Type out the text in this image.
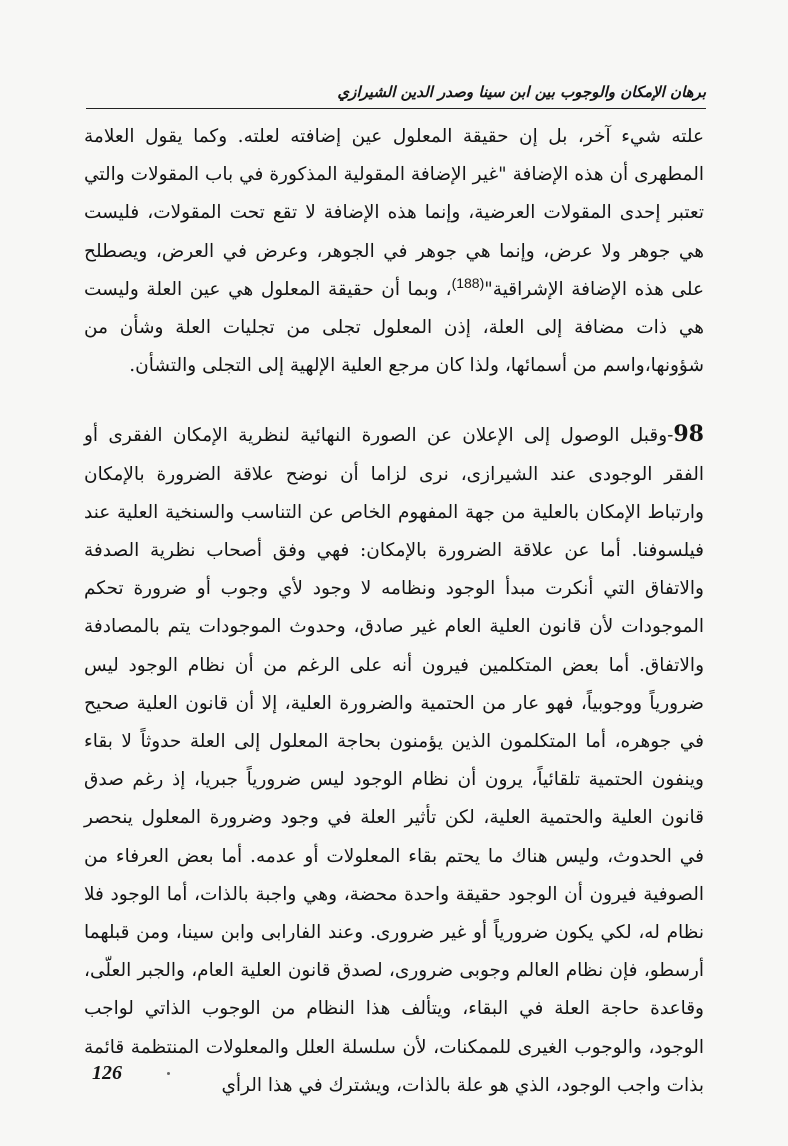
برهان الإمكان والوجوب بين ابن سينا وصدر الدين الشيرازي

علته شيء آخر، بل إن حقيقة المعلول عين إضافته لعلته. وكما يقول العلامة المطهرى أن هذه الإضافة "غير الإضافة المقولية المذكورة في باب المقولات والتي تعتبر إحدى المقولات العرضية، وإنما هذه الإضافة لا تقع تحت المقولات، فليست هي جوهر ولا عرض، وإنما هي جوهر في الجوهر، وعرض في العرض، ويصطلح على هذه الإضافة الإشراقية"$^{(188)}$، وبما أن حقيقة المعلول هي عين العلة وليست هي ذات مضافة إلى العلة، إذن المعلول تجلى من تجليات العلة وشأن من شؤونها،واسم من أسمائها، ولذا كان مرجع العلية الإلهية إلى التجلى والتشأن.

98-وقبل الوصول إلى الإعلان عن الصورة النهائية لنظرية الإمكان الفقرى أو الفقر الوجودى عند الشيرازى، نرى لزاما أن نوضح علاقة الضرورة بالإمكان وارتباط الإمكان بالعلية من جهة المفهوم الخاص عن التناسب والسنخية العلية عند فيلسوفنا. أما عن علاقة الضرورة بالإمكان: فهي وفق أصحاب نظرية الصدفة والاتفاق التي أنكرت مبدأ الوجود ونظامه لا وجود لأي وجوب أو ضرورة تحكم الموجودات لأن قانون العلية العام غير صادق، وحدوث الموجودات يتم بالمصادفة والاتفاق. أما بعض المتكلمين فيرون أنه على الرغم من أن نظام الوجود ليس ضرورياً ووجوبياً، فهو عار من الحتمية والضرورة العلية، إلا أن قانون العلية صحيح في جوهره، أما المتكلمون الذين يؤمنون بحاجة المعلول إلى العلة حدوثاً لا بقاء وينفون الحتمية تلقائياً، يرون أن نظام الوجود ليس ضرورياً جبريا، إذ رغم صدق قانون العلية والحتمية العلية، لكن تأثير العلة في وجود وضرورة المعلول ينحصر في الحدوث، وليس هناك ما يحتم بقاء المعلولات أو عدمه. أما بعض العرفاء من الصوفية فيرون أن الوجود حقيقة واحدة محضة، وهي واجبة بالذات، أما الوجود فلا نظام له، لكي يكون ضرورياً أو غير ضرورى. وعند الفارابى وابن سينا، ومن قبلهما أرسطو، فإن نظام العالم وجوبى ضرورى، لصدق قانون العلية العام، والجبر العلّى، وقاعدة حاجة العلة في البقاء، ويتألف هذا النظام من الوجوب الذاتي لواجب الوجود، والوجوب الغيرى للممكنات، لأن سلسلة العلل والمعلولات المنتظمة قائمة بذات واجب الوجود، الذي هو علة بالذات، ويشترك في هذا الرأي

126
